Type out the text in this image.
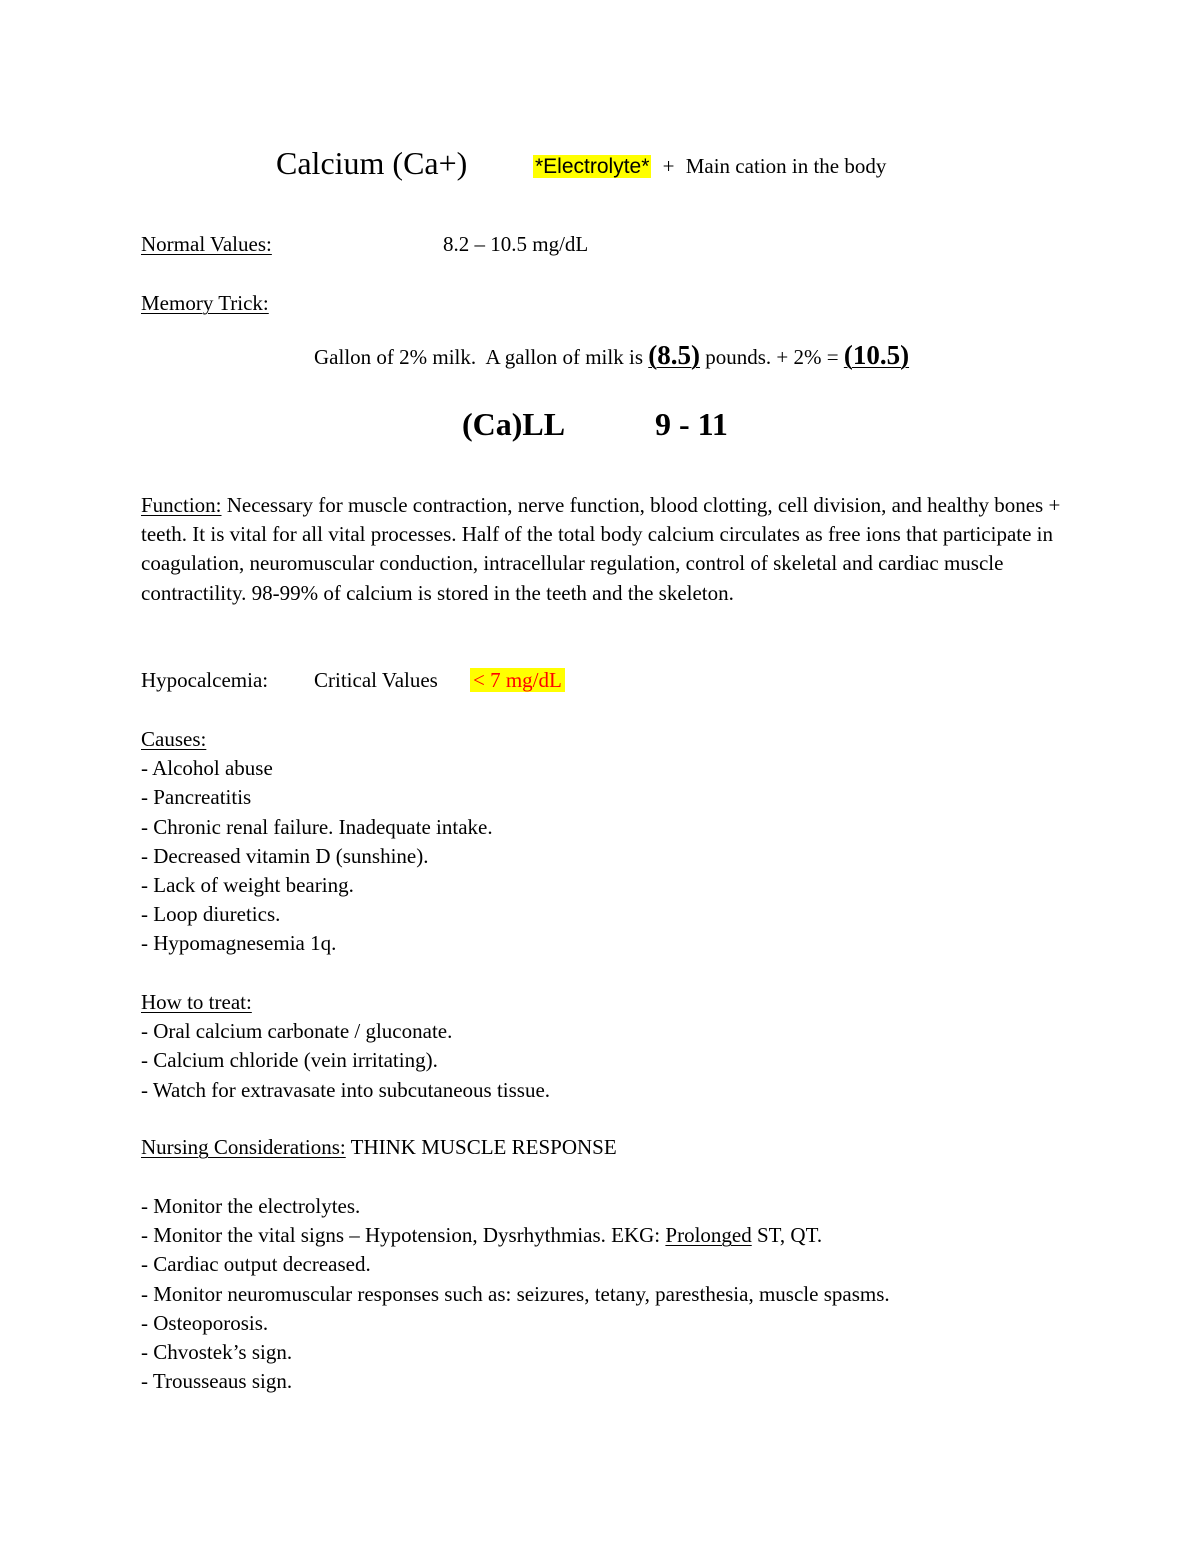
Calcium (Ca+)	*Electrolyte* + Main cation in the body
Normal Values:	8.2 – 10.5 mg/dL
Memory Trick:
Gallon of 2% milk.  A gallon of milk is (8.5) pounds. + 2% = (10.5)
(Ca)LL	9 - 11
Function: Necessary for muscle contraction, nerve function, blood clotting, cell division, and healthy bones + teeth. It is vital for all vital processes. Half of the total body calcium circulates as free ions that participate in coagulation, neuromuscular conduction, intracellular regulation, control of skeletal and cardiac muscle contractility. 98-99% of calcium is stored in the teeth and the skeleton.
Hypocalcemia: Critical Values < 7 mg/dL
Causes:
- Alcohol abuse
- Pancreatitis
- Chronic renal failure. Inadequate intake.
- Decreased vitamin D (sunshine).
- Lack of weight bearing.
- Loop diuretics.
- Hypomagnesemia 1q.
How to treat:
- Oral calcium carbonate / gluconate.
- Calcium chloride (vein irritating).
- Watch for extravasate into subcutaneous tissue.
Nursing Considerations: THINK MUSCLE RESPONSE
- Monitor the electrolytes.
- Monitor the vital signs – Hypotension, Dysrhythmias. EKG: Prolonged ST, QT.
- Cardiac output decreased.
- Monitor neuromuscular responses such as: seizures, tetany, paresthesia, muscle spasms.
- Osteoporosis.
- Chvostek’s sign.
- Trousseaus sign.
